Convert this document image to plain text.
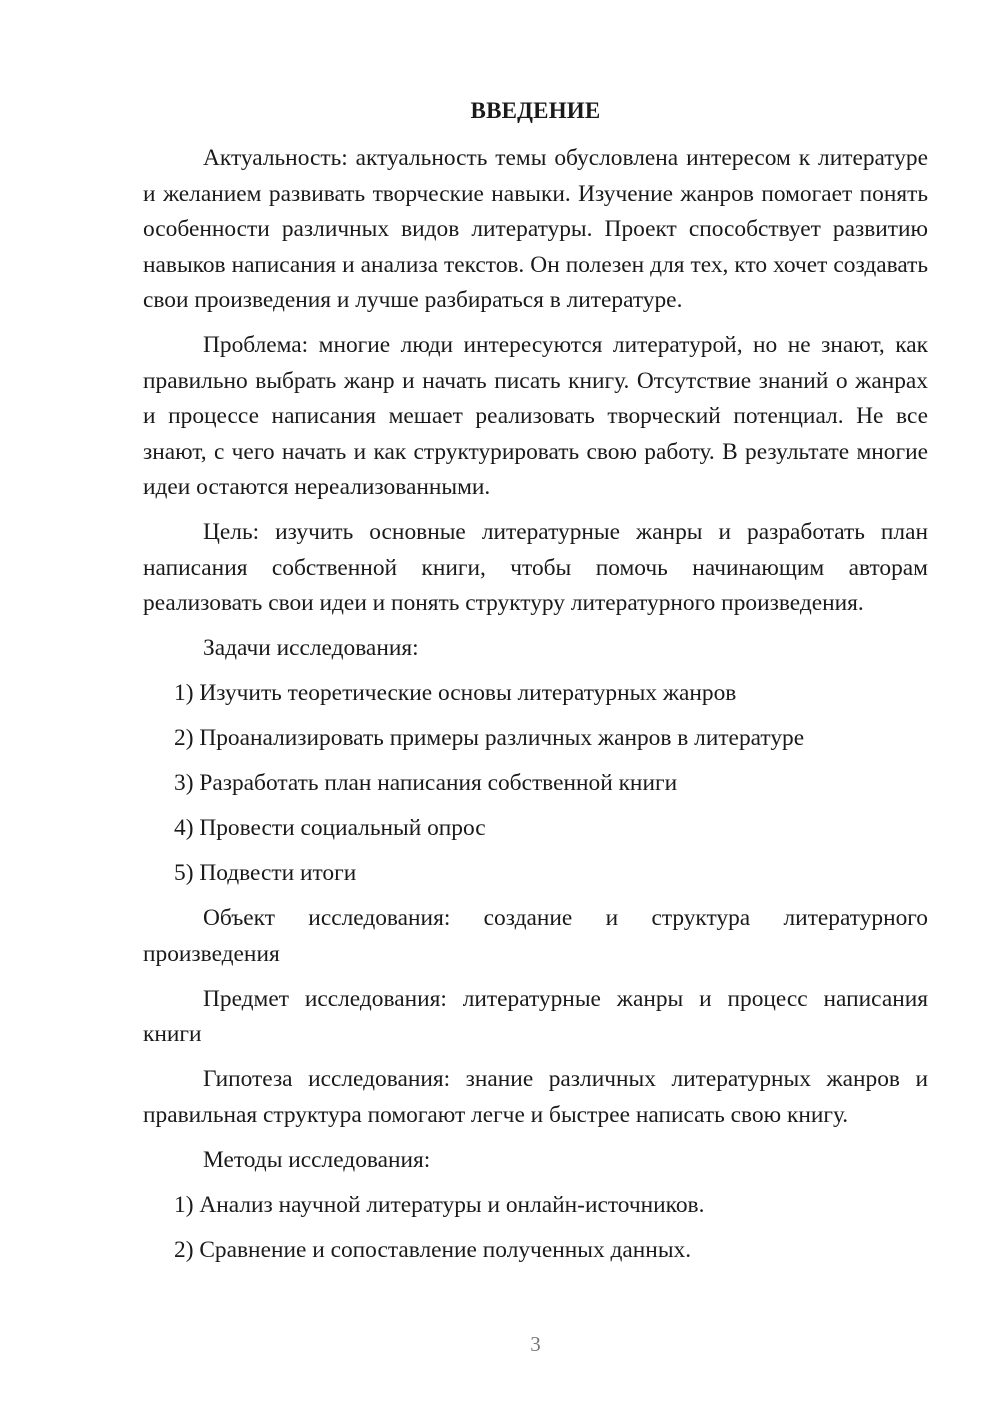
ВВЕДЕНИЕ

Актуальность: актуальность темы обусловлена интересом к литературе и желанием развивать творческие навыки. Изучение жанров помогает понять особенности различных видов литературы. Проект способствует развитию навыков написания и анализа текстов. Он полезен для тех, кто хочет создавать свои произведения и лучше разбираться в литературе.

Проблема: многие люди интересуются литературой, но не знают, как правильно выбрать жанр и начать писать книгу. Отсутствие знаний о жанрах и процессе написания мешает реализовать творческий потенциал. Не все знают, с чего начать и как структурировать свою работу. В результате многие идеи остаются нереализованными.

Цель: изучить основные литературные жанры и разработать план написания собственной книги, чтобы помочь начинающим авторам реализовать свои идеи и понять структуру литературного произведения.

Задачи исследования:

1) Изучить теоретические основы литературных жанров
2) Проанализировать примеры различных жанров в литературе
3) Разработать план написания собственной книги
4) Провести социальный опрос
5) Подвести итоги

Объект исследования: создание и структура литературного произведения

Предмет исследования: литературные жанры и процесс написания книги

Гипотеза исследования: знание различных литературных жанров и правильная структура помогают легче и быстрее написать свою книгу.

Методы исследования:

1) Анализ научной литературы и онлайн-источников.
2) Сравнение и сопоставление полученных данных.
3
